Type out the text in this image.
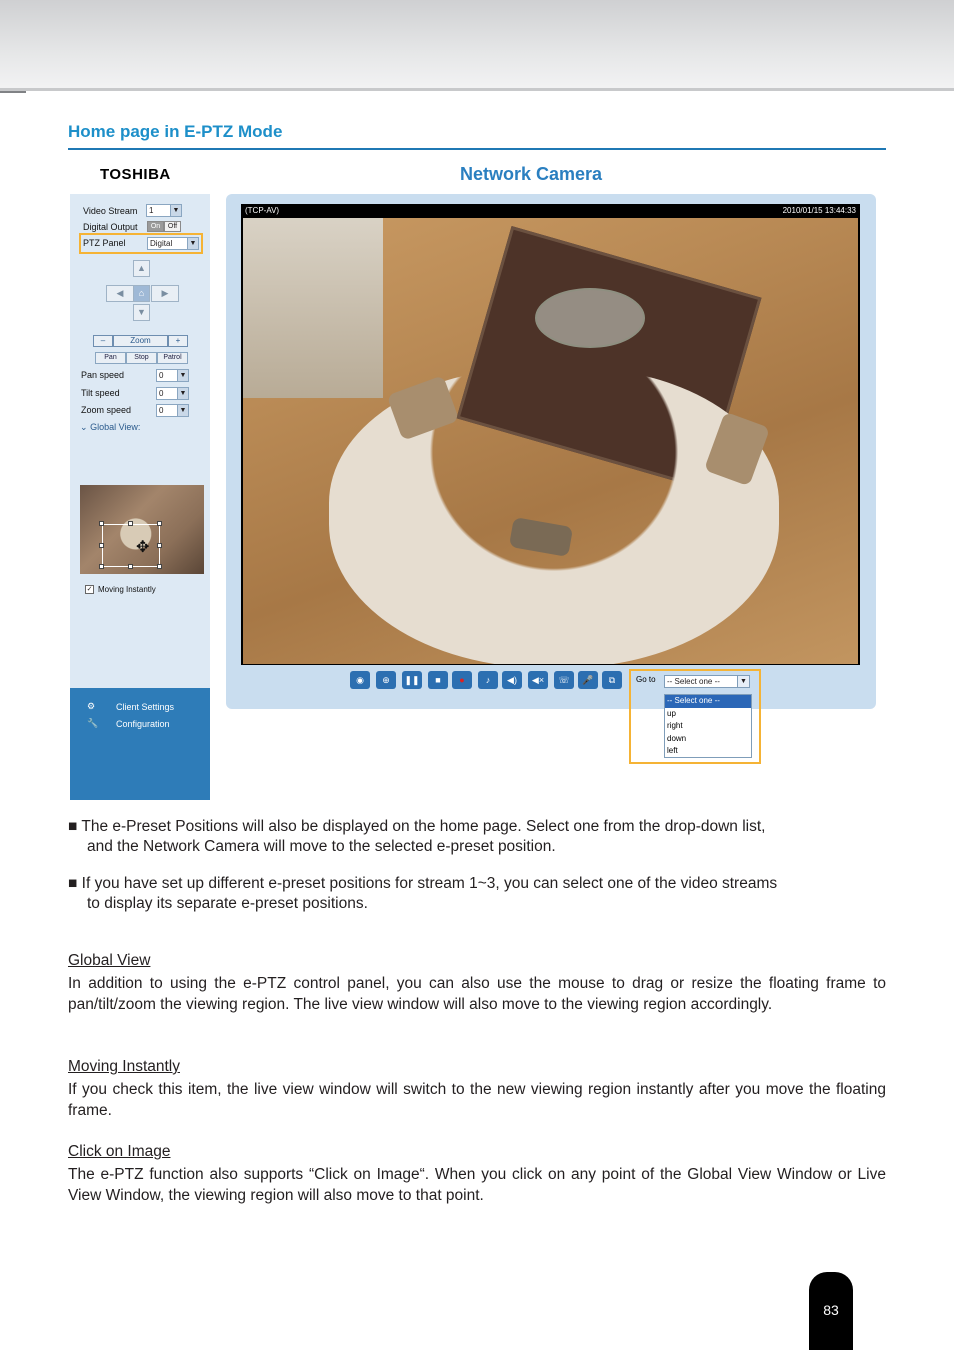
Home page in E-PTZ Mode
TOSHIBA	Network Camera
Video Stream	1	▼
Digital Output	On	Off
PTZ Panel	Digital	▼
▲
◀	⌂	▶
▼
–	Zoom	+
Pan	Stop	Patrol
Pan speed	0	▼
Tilt speed	0	▼
Zoom speed	0	▼
⌄ Global View:
✥
✓ Moving Instantly
⚙ Client Settings
🔧 Configuration
(TCP-AV)	2010/01/15 13:44:33
◉	⊕	❚❚	■	●	♪	◀)	◀×	☏	🎤	⧉	Go to	-- Select one --	▼
-- Select one --
up
right
down
left
■ The e-Preset Positions will also be displayed on the home page. Select one from the drop-down list,
and the Network Camera will move to the selected e-preset position.
■ If you have set up different e-preset positions for stream 1~3, you can select one of the video streams
to display its separate e-preset positions.
Global View
In addition to using the e-PTZ control panel, you can also use the mouse to drag or resize the floating frame to pan/tilt/zoom the viewing region. The live view window will also move to the viewing region accordingly.
Moving Instantly
If you check this item, the live view window will switch to the new viewing region instantly after you move the floating frame.
Click on Image
The e-PTZ function also supports “Click on Image“. When you click on any point of the Global View Window or Live View Window, the viewing region will also move to that point.
83
